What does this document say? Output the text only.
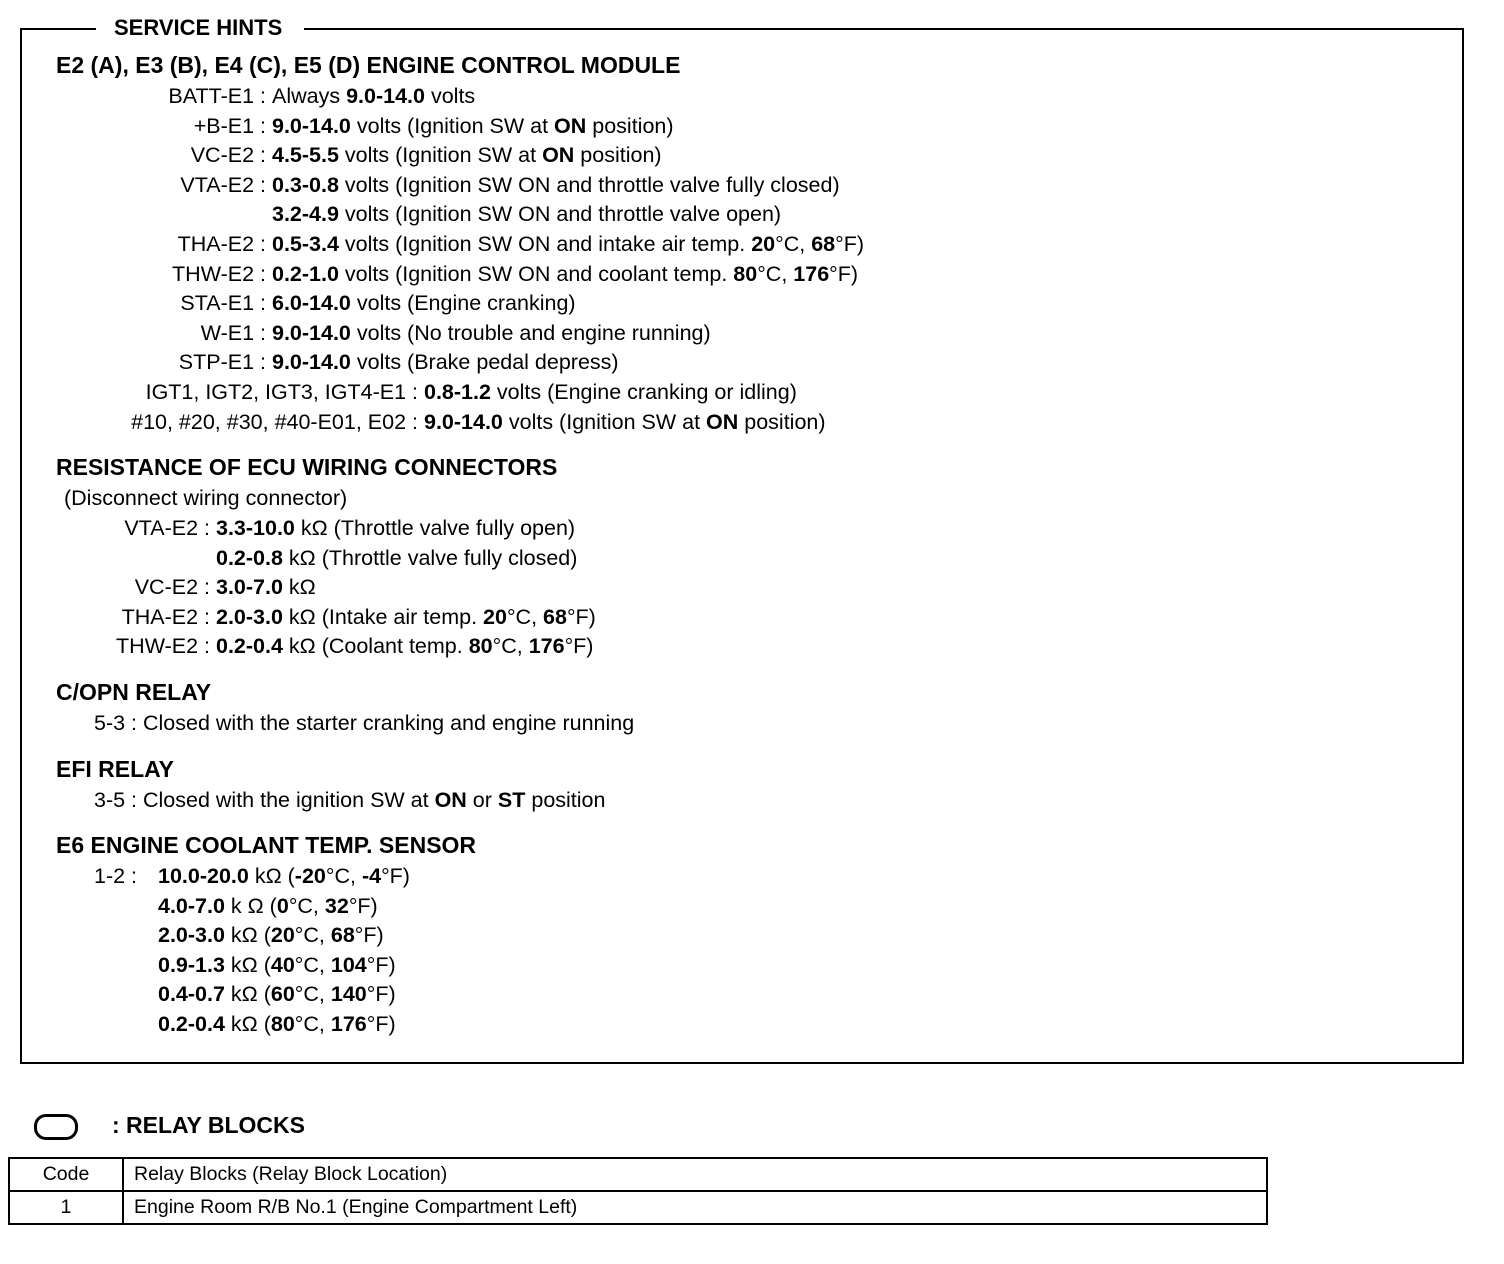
SERVICE HINTS
E2 (A), E3 (B), E4 (C), E5 (D) ENGINE CONTROL MODULE
BATT-E1 : Always 9.0-14.0 volts
+B-E1 : 9.0-14.0 volts (Ignition SW at ON position)
VC-E2 : 4.5-5.5 volts (Ignition SW at ON position)
VTA-E2 : 0.3-0.8 volts (Ignition SW ON and throttle valve fully closed)
3.2-4.9 volts (Ignition SW ON and throttle valve open)
THA-E2 : 0.5-3.4 volts (Ignition SW ON and intake air temp. 20°C, 68°F)
THW-E2 : 0.2-1.0 volts (Ignition SW ON and coolant temp. 80°C, 176°F)
STA-E1 : 6.0-14.0 volts (Engine cranking)
W-E1 : 9.0-14.0 volts (No trouble and engine running)
STP-E1 : 9.0-14.0 volts (Brake pedal depress)
IGT1, IGT2, IGT3, IGT4-E1 : 0.8-1.2 volts (Engine cranking or idling)
#10, #20, #30, #40-E01, E02 : 9.0-14.0 volts (Ignition SW at ON position)
RESISTANCE OF ECU WIRING CONNECTORS
(Disconnect wiring connector)
VTA-E2 : 3.3-10.0 kΩ (Throttle valve fully open)
0.2-0.8 kΩ (Throttle valve fully closed)
VC-E2 : 3.0-7.0 kΩ
THA-E2 : 2.0-3.0 kΩ (Intake air temp. 20°C, 68°F)
THW-E2 : 0.2-0.4 kΩ (Coolant temp. 80°C, 176°F)
C/OPN RELAY
5-3 : Closed with the starter cranking and engine running
EFI RELAY
3-5 : Closed with the ignition SW at ON or ST position
E6 ENGINE COOLANT TEMP. SENSOR
1-2 : 10.0-20.0 kΩ (-20°C, -4°F)
4.0-7.0 k Ω (0°C, 32°F)
2.0-3.0 kΩ (20°C, 68°F)
0.9-1.3 kΩ (40°C, 104°F)
0.4-0.7 kΩ (60°C, 140°F)
0.2-0.4 kΩ (80°C, 176°F)
: RELAY BLOCKS
Code	Relay Blocks (Relay Block Location)
1	Engine Room R/B No.1 (Engine Compartment Left)
